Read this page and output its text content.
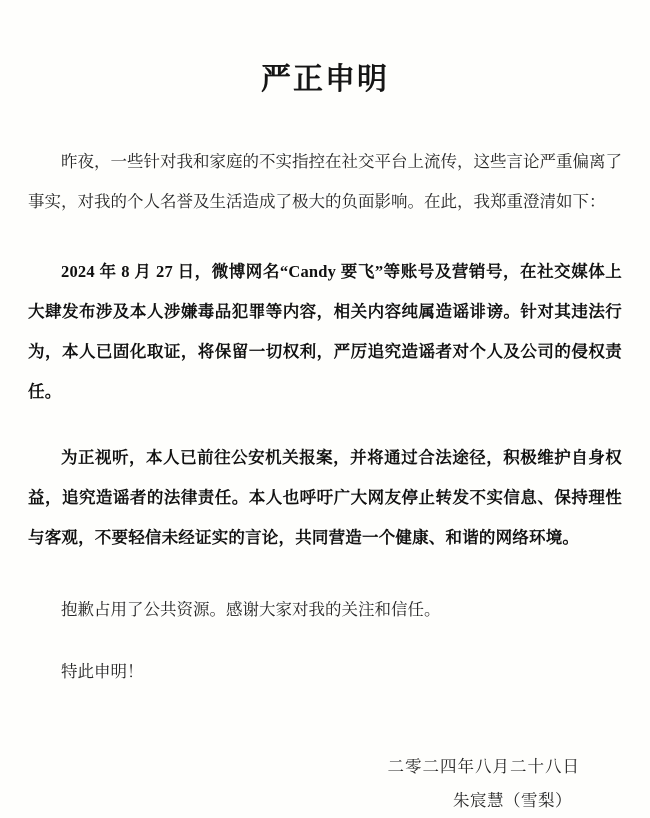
严正申明

昨夜，一些针对我和家庭的不实指控在社交平台上流传，这些言论严重偏离了事实，对我的个人名誉及生活造成了极大的负面影响。在此，我郑重澄清如下：

2024 年 8 月 27 日，微博网名“Candy 要飞”等账号及营销号，在社交媒体上大肆发布涉及本人涉嫌毒品犯罪等内容，相关内容纯属造谣诽谤。针对其违法行为，本人已固化取证，将保留一切权利，严厉追究造谣者对个人及公司的侵权责任。

为正视听，本人已前往公安机关报案，并将通过合法途径，积极维护自身权益，追究造谣者的法律责任。本人也呼吁广大网友停止转发不实信息、保持理性与客观，不要轻信未经证实的言论，共同营造一个健康、和谐的网络环境。

抱歉占用了公共资源。感谢大家对我的关注和信任。

特此申明！

二零二四年八月二十八日

朱宸慧（雪梨）
